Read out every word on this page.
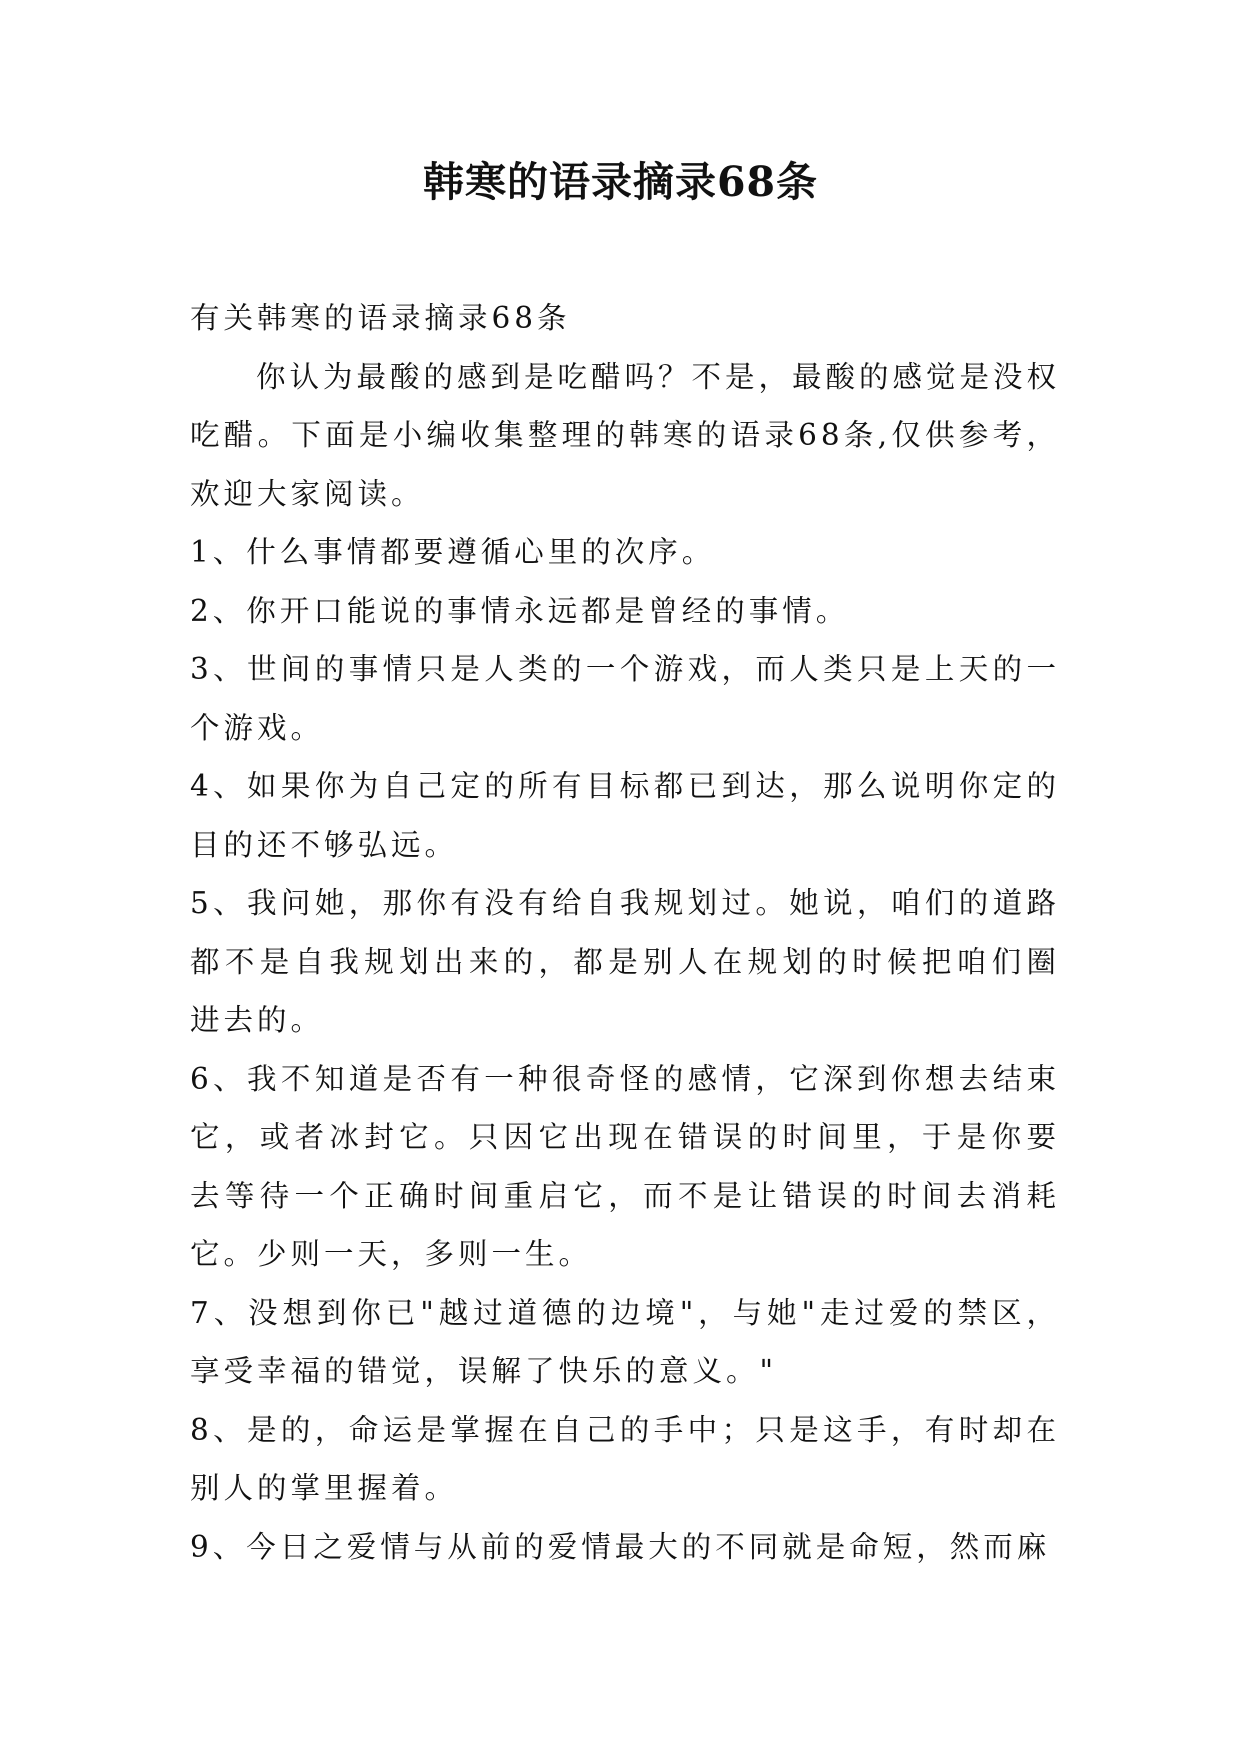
韩寒的语录摘录68条

有关韩寒的语录摘录68条

你认为最酸的感到是吃醋吗？不是，最酸的感觉是没权吃醋。下面是小编收集整理的韩寒的语录68条,仅供参考，欢迎大家阅读。

1、什么事情都要遵循心里的次序。

2、你开口能说的事情永远都是曾经的事情。

3、世间的事情只是人类的一个游戏，而人类只是上天的一个游戏。

4、如果你为自己定的所有目标都已到达，那么说明你定的目的还不够弘远。

5、我问她，那你有没有给自我规划过。她说，咱们的道路都不是自我规划出来的，都是别人在规划的时候把咱们圈进去的。

6、我不知道是否有一种很奇怪的感情，它深到你想去结束它，或者冰封它。只因它出现在错误的时间里，于是你要去等待一个正确时间重启它，而不是让错误的时间去消耗它。少则一天，多则一生。

7、没想到你已"越过道德的边境"，与她"走过爱的禁区，享受幸福的错觉，误解了快乐的意义。"

8、是的，命运是掌握在自己的手中；只是这手，有时却在别人的掌里握着。

9、今日之爱情与从前的爱情最大的不同就是命短，然而麻
